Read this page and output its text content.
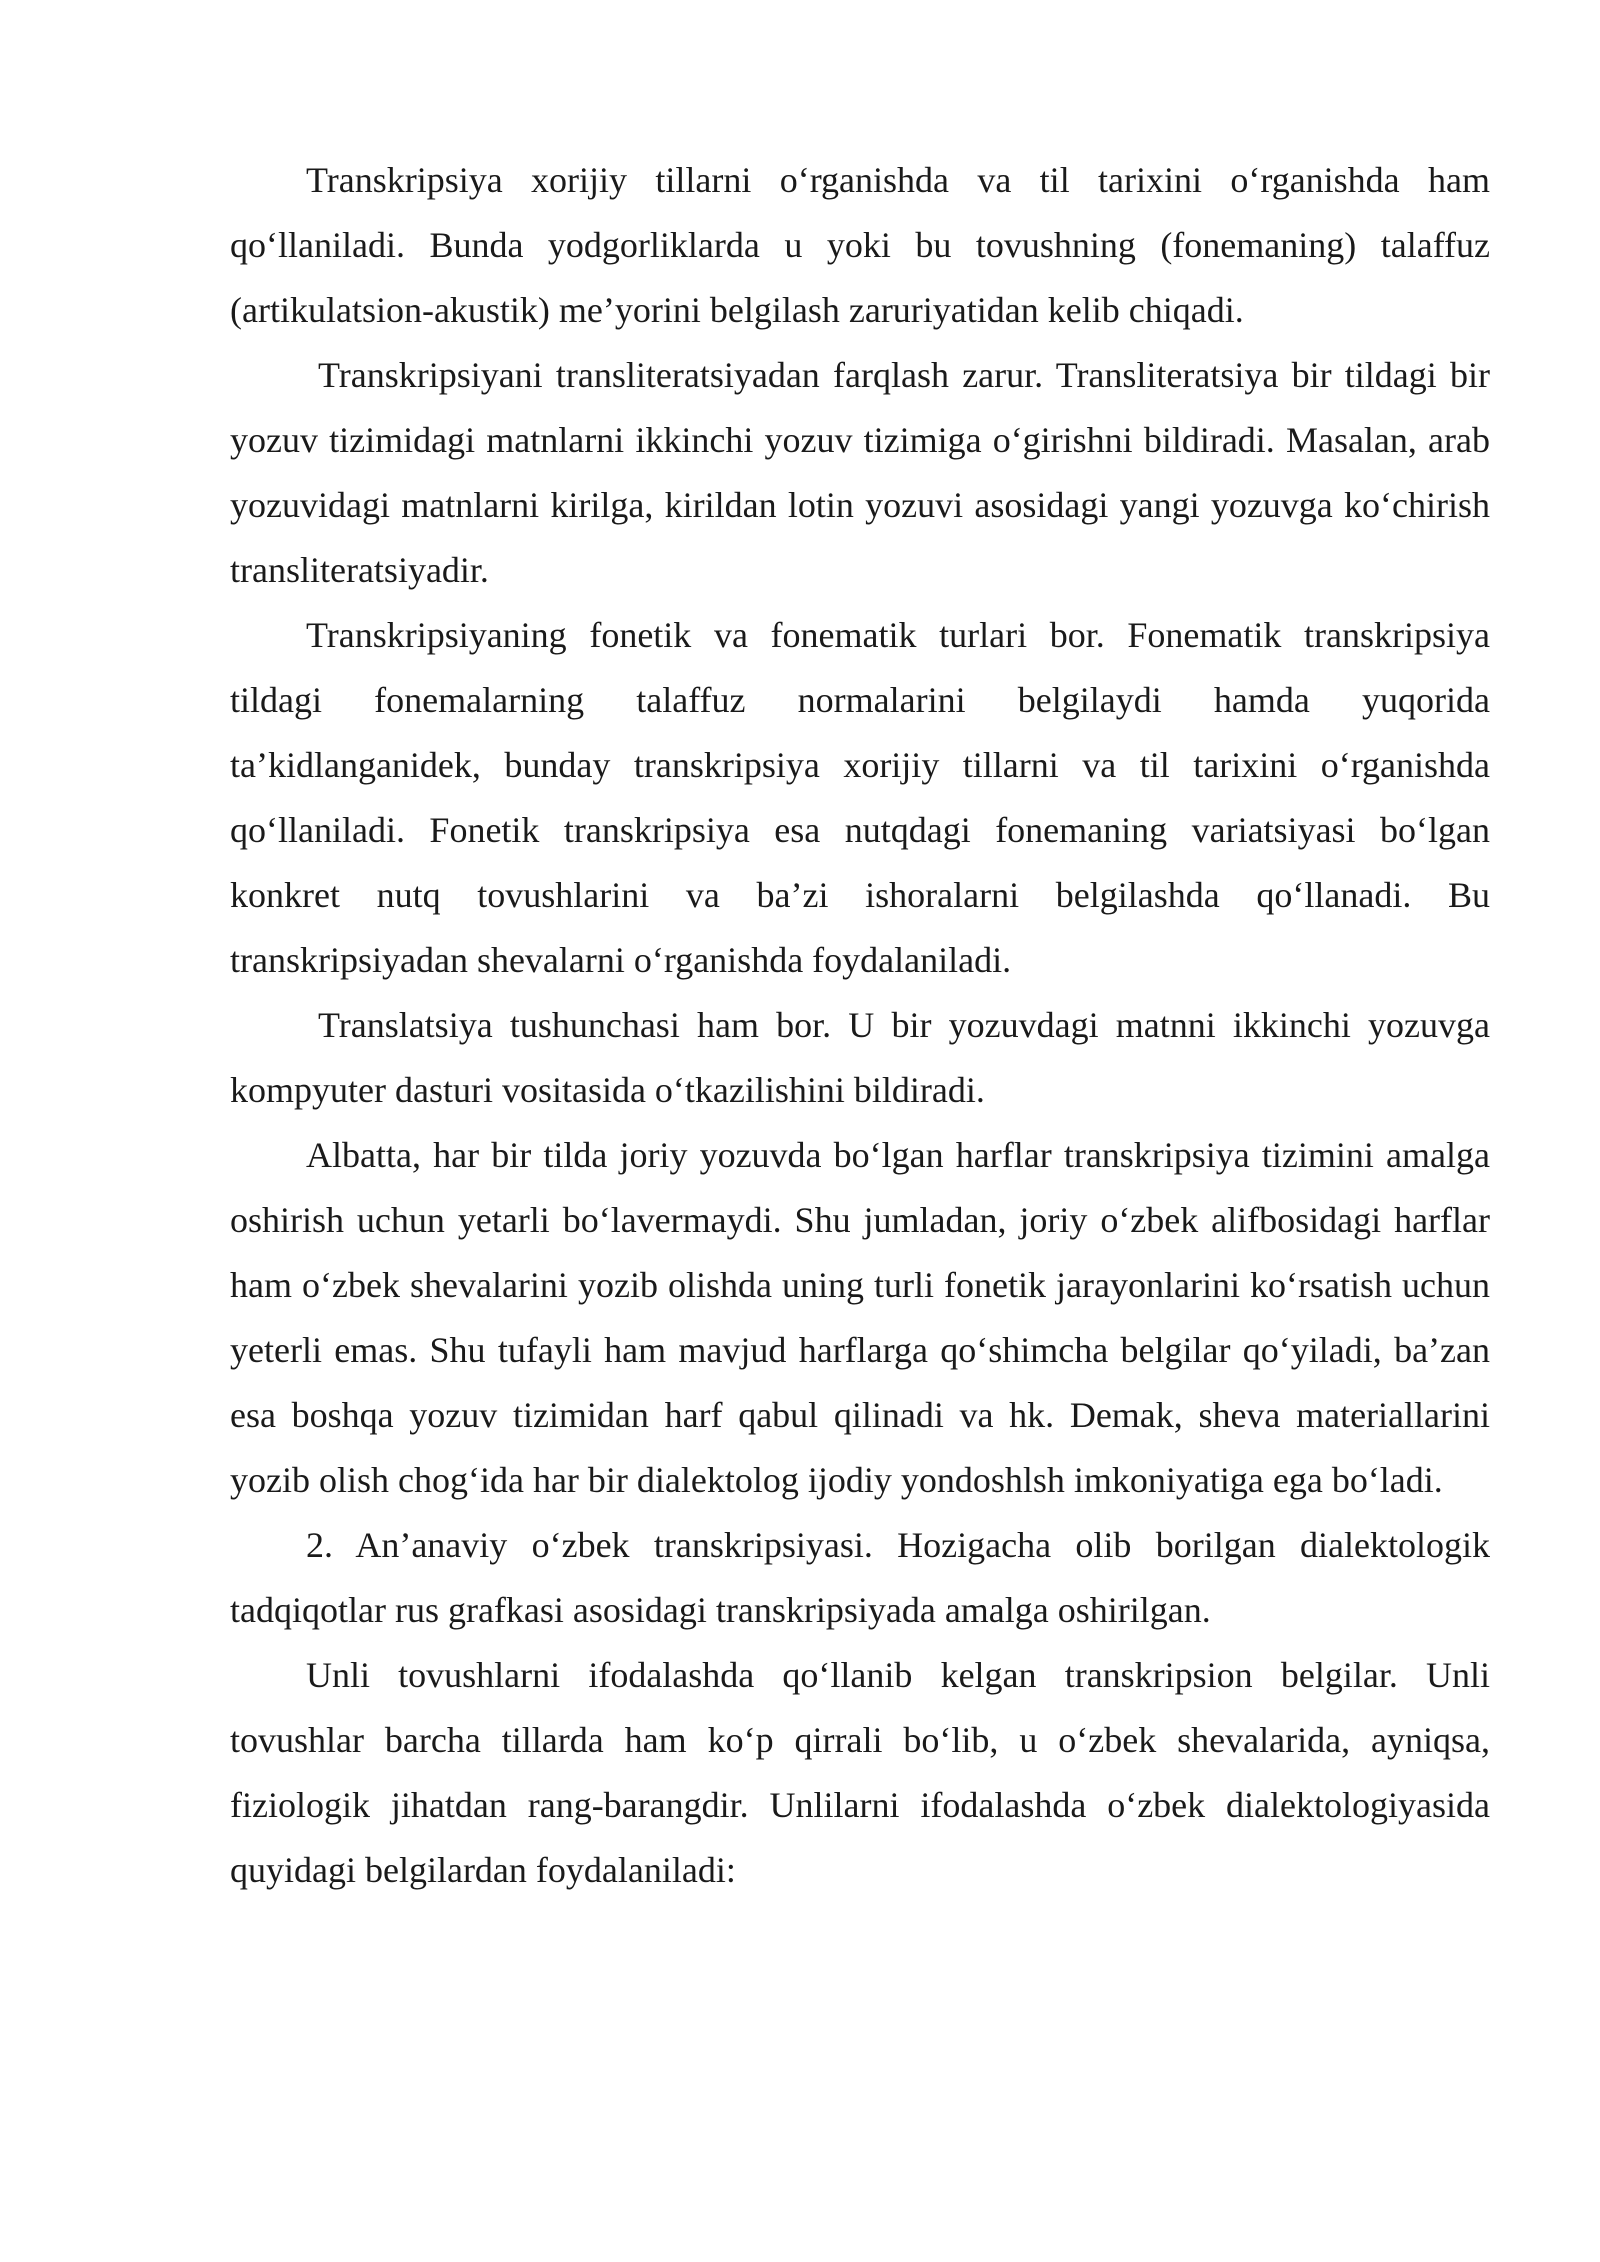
Transkripsiya xorijiy tillarni o‘rganishda va til tarixini o‘rganishda ham qo‘llaniladi. Bunda yodgorliklarda u yoki bu tovushning (fonemaning) talaffuz (artikulatsion-akustik) me’yorini belgilash zaruriyatidan kelib chiqadi.

Transkripsiyani transliteratsiyadan farqlash zarur. Transliteratsiya bir tildagi bir yozuv tizimidagi matnlarni ikkinchi yozuv tizimiga o‘girishni bildiradi. Masalan, arab yozuvidagi matnlarni kirilga, kirildan lotin yozuvi asosidagi yangi yozuvga ko‘chirish transliteratsiyadir.

Transkripsiyaning fonetik va fonematik turlari bor. Fonematik transkripsiya tildagi fonemalarning talaffuz normalarini belgilaydi hamda yuqorida ta’kidlanganidek, bunday transkripsiya xorijiy tillarni va til tarixini o‘rganishda qo‘llaniladi. Fonetik transkripsiya esa nutqdagi fonemaning variatsiyasi bo‘lgan konkret nutq tovushlarini va ba’zi ishoralarni belgilashda qo‘llanadi. Bu transkripsiyadan shevalarni o‘rganishda foydalaniladi.

Translatsiya tushunchasi ham bor. U bir yozuvdagi matnni ikkinchi yozuvga kompyuter dasturi vositasida o‘tkazilishini bildiradi.

Albatta, har bir tilda joriy yozuvda bo‘lgan harflar transkripsiya tizimini amalga oshirish uchun yetarli bo‘lavermaydi. Shu jumladan, joriy o‘zbek alifbosidagi harflar ham o‘zbek shevalarini yozib olishda uning turli fonetik jarayonlarini ko‘rsatish uchun yeterli emas. Shu tufayli ham mavjud harflarga qo‘shimcha belgilar qo‘yiladi, ba’zan esa boshqa yozuv tizimidan harf qabul qilinadi va hk. Demak, sheva materiallarini yozib olish chog‘ida har bir dialektolog ijodiy yondoshlsh imkoniyatiga ega bo‘ladi.

2. An’anaviy o‘zbek transkripsiyasi. Hozigacha olib borilgan dialektologik tadqiqotlar rus grafkasi asosidagi transkripsiyada amalga oshirilgan.

Unli tovushlarni ifodalashda qo‘llanib kelgan transkripsion belgilar. Unli tovushlar barcha tillarda ham ko‘p qirrali bo‘lib, u o‘zbek shevalarida, ayniqsa, fiziologik jihatdan rang-barangdir. Unlilarni ifodalashda o‘zbek dialektologiyasida quyidagi belgilardan foydalaniladi:
